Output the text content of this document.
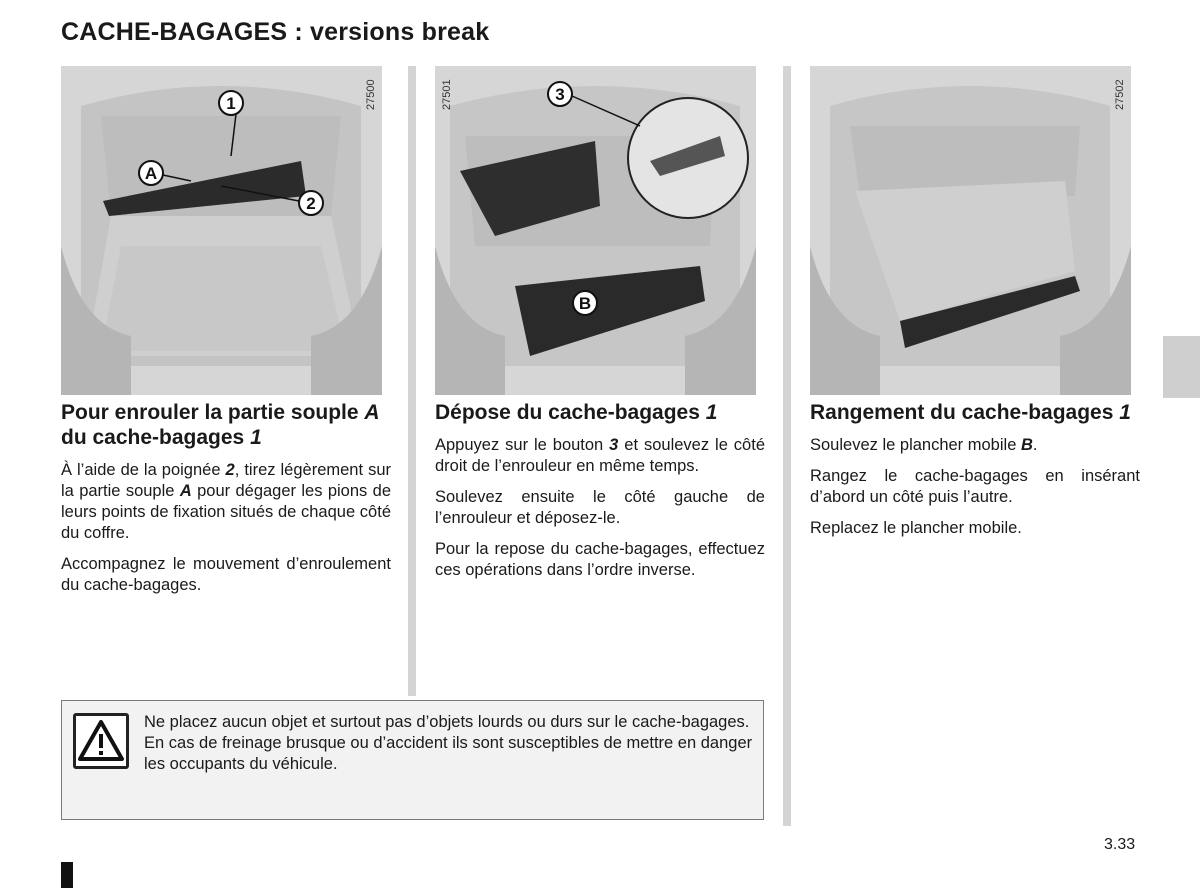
CACHE-BAGAGES : versions break
1
A
2
27500	3
B
27501	27502
Pour enrouler la partie souple A du cache-bagages 1

À l’aide de la poignée 2, tirez légèrement sur la partie souple A pour dégager les pions de leurs points de fixation situés de chaque côté du coffre.

Accompagnez le mouvement d’enroulement du cache-bagages.

Dépose du cache-bagages 1

Appuyez sur le bouton 3 et soulevez le côté droit de l’enrouleur en même temps.

Soulevez ensuite le côté gauche de l’enrouleur et déposez-le.

Pour la repose du cache-bagages, effectuez ces opérations dans l’ordre inverse.

Rangement du cache-bagages 1

Soulevez le plancher mobile B.

Rangez le cache-bagages en insérant d’abord un côté puis l’autre.

Replacez le plancher mobile.

Ne placez aucun objet et surtout pas d’objets lourds ou durs sur le cache-bagages. En cas de freinage brusque ou d’accident ils sont susceptibles de mettre en danger les occupants du véhicule.
3.33
